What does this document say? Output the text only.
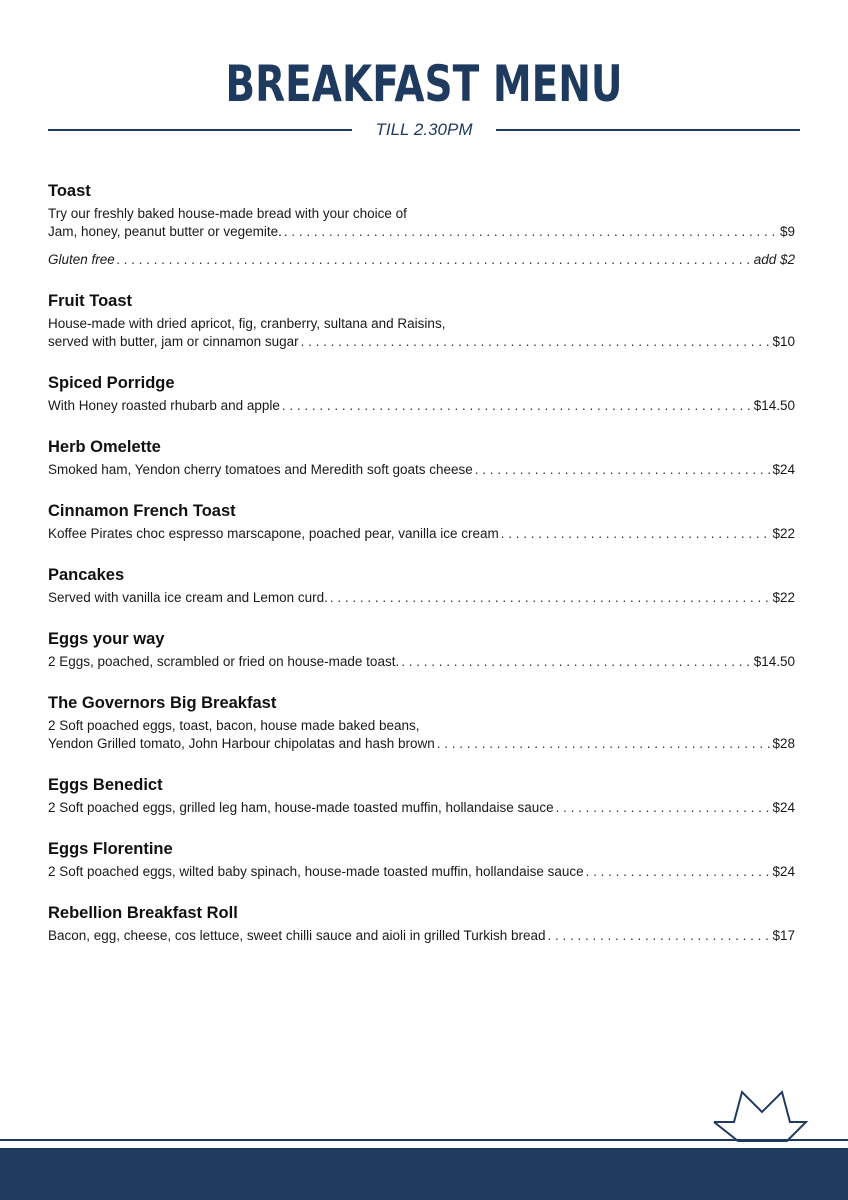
BREAKFAST MENU
TILL 2.30PM
Toast
Try our freshly baked house-made bread with your choice of
Jam, honey, peanut butter or vegemite. . . .	$9
Gluten free . . .	add $2
Fruit Toast
House-made with dried apricot, fig, cranberry, sultana and Raisins,
served with butter, jam or cinnamon sugar . . .	$10
Spiced Porridge
With Honey roasted rhubarb and apple . . .	$14.50
Herb Omelette
Smoked ham, Yendon cherry tomatoes and Meredith soft goats cheese . . .	$24
Cinnamon French Toast
Koffee Pirates choc espresso marscapone, poached pear, vanilla ice cream . . .	$22
Pancakes
Served with vanilla ice cream and Lemon curd. . . .	$22
Eggs your way
2 Eggs, poached, scrambled or fried on house-made toast. . . .	$14.50
The Governors Big Breakfast
2 Soft poached eggs, toast, bacon, house made baked beans,
Yendon Grilled tomato, John Harbour chipolatas and hash brown . . .	$28
Eggs Benedict
2 Soft poached eggs, grilled leg ham, house-made toasted muffin, hollandaise sauce . . .	$24
Eggs Florentine
2 Soft poached eggs, wilted baby spinach, house-made toasted muffin, hollandaise sauce . . .	$24
Rebellion Breakfast Roll
Bacon, egg, cheese, cos lettuce, sweet chilli sauce and aioli in grilled Turkish bread . . .	$17
